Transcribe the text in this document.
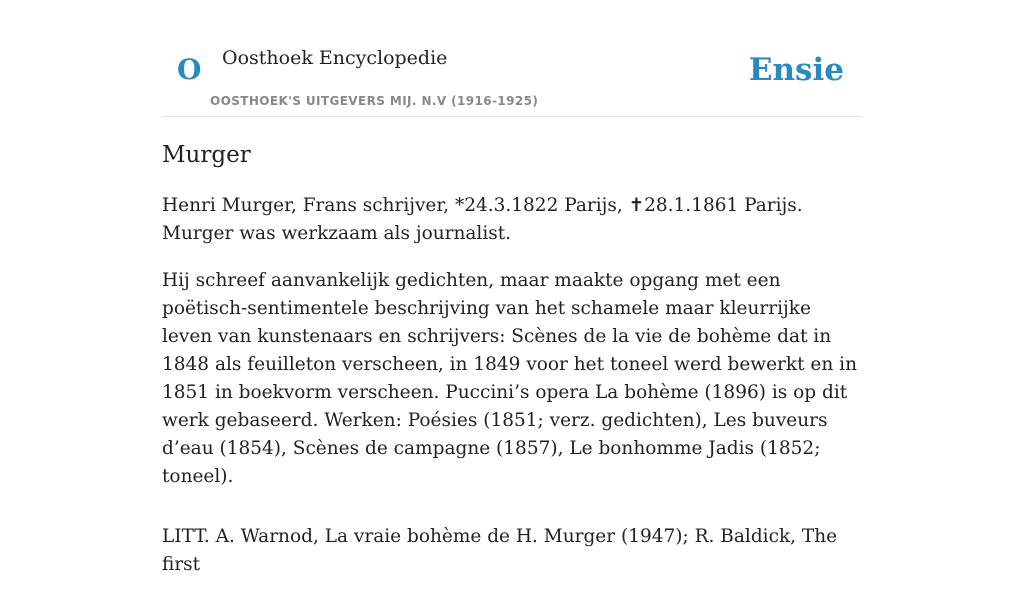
O Oosthoek Encyclopedie
OOSTHOEK'S UITGEVERS MIJ. N.V (1916-1925)
Ensie
Murger

Henri Murger, Frans schrijver, *24.3.1822 Parijs, ✝28.1.1861 Parijs. Murger was werkzaam als journalist.

Hij schreef aanvankelijk gedichten, maar maakte opgang met een poëtisch-sentimentele beschrijving van het schamele maar kleurrijke leven van kunstenaars en schrijvers: Scènes de la vie de bohème dat in 1848 als feuilleton verscheen, in 1849 voor het toneel werd bewerkt en in 1851 in boekvorm verscheen. Puccini’s opera La bohème (1896) is op dit werk gebaseerd. Werken: Poésies (1851; verz. gedichten), Les buveurs d’eau (1854), Scènes de campagne (1857), Le bonhomme Jadis (1852; toneel).

LITT. A. Warnod, La vraie bohème de H. Murger (1947); R. Baldick, The first
